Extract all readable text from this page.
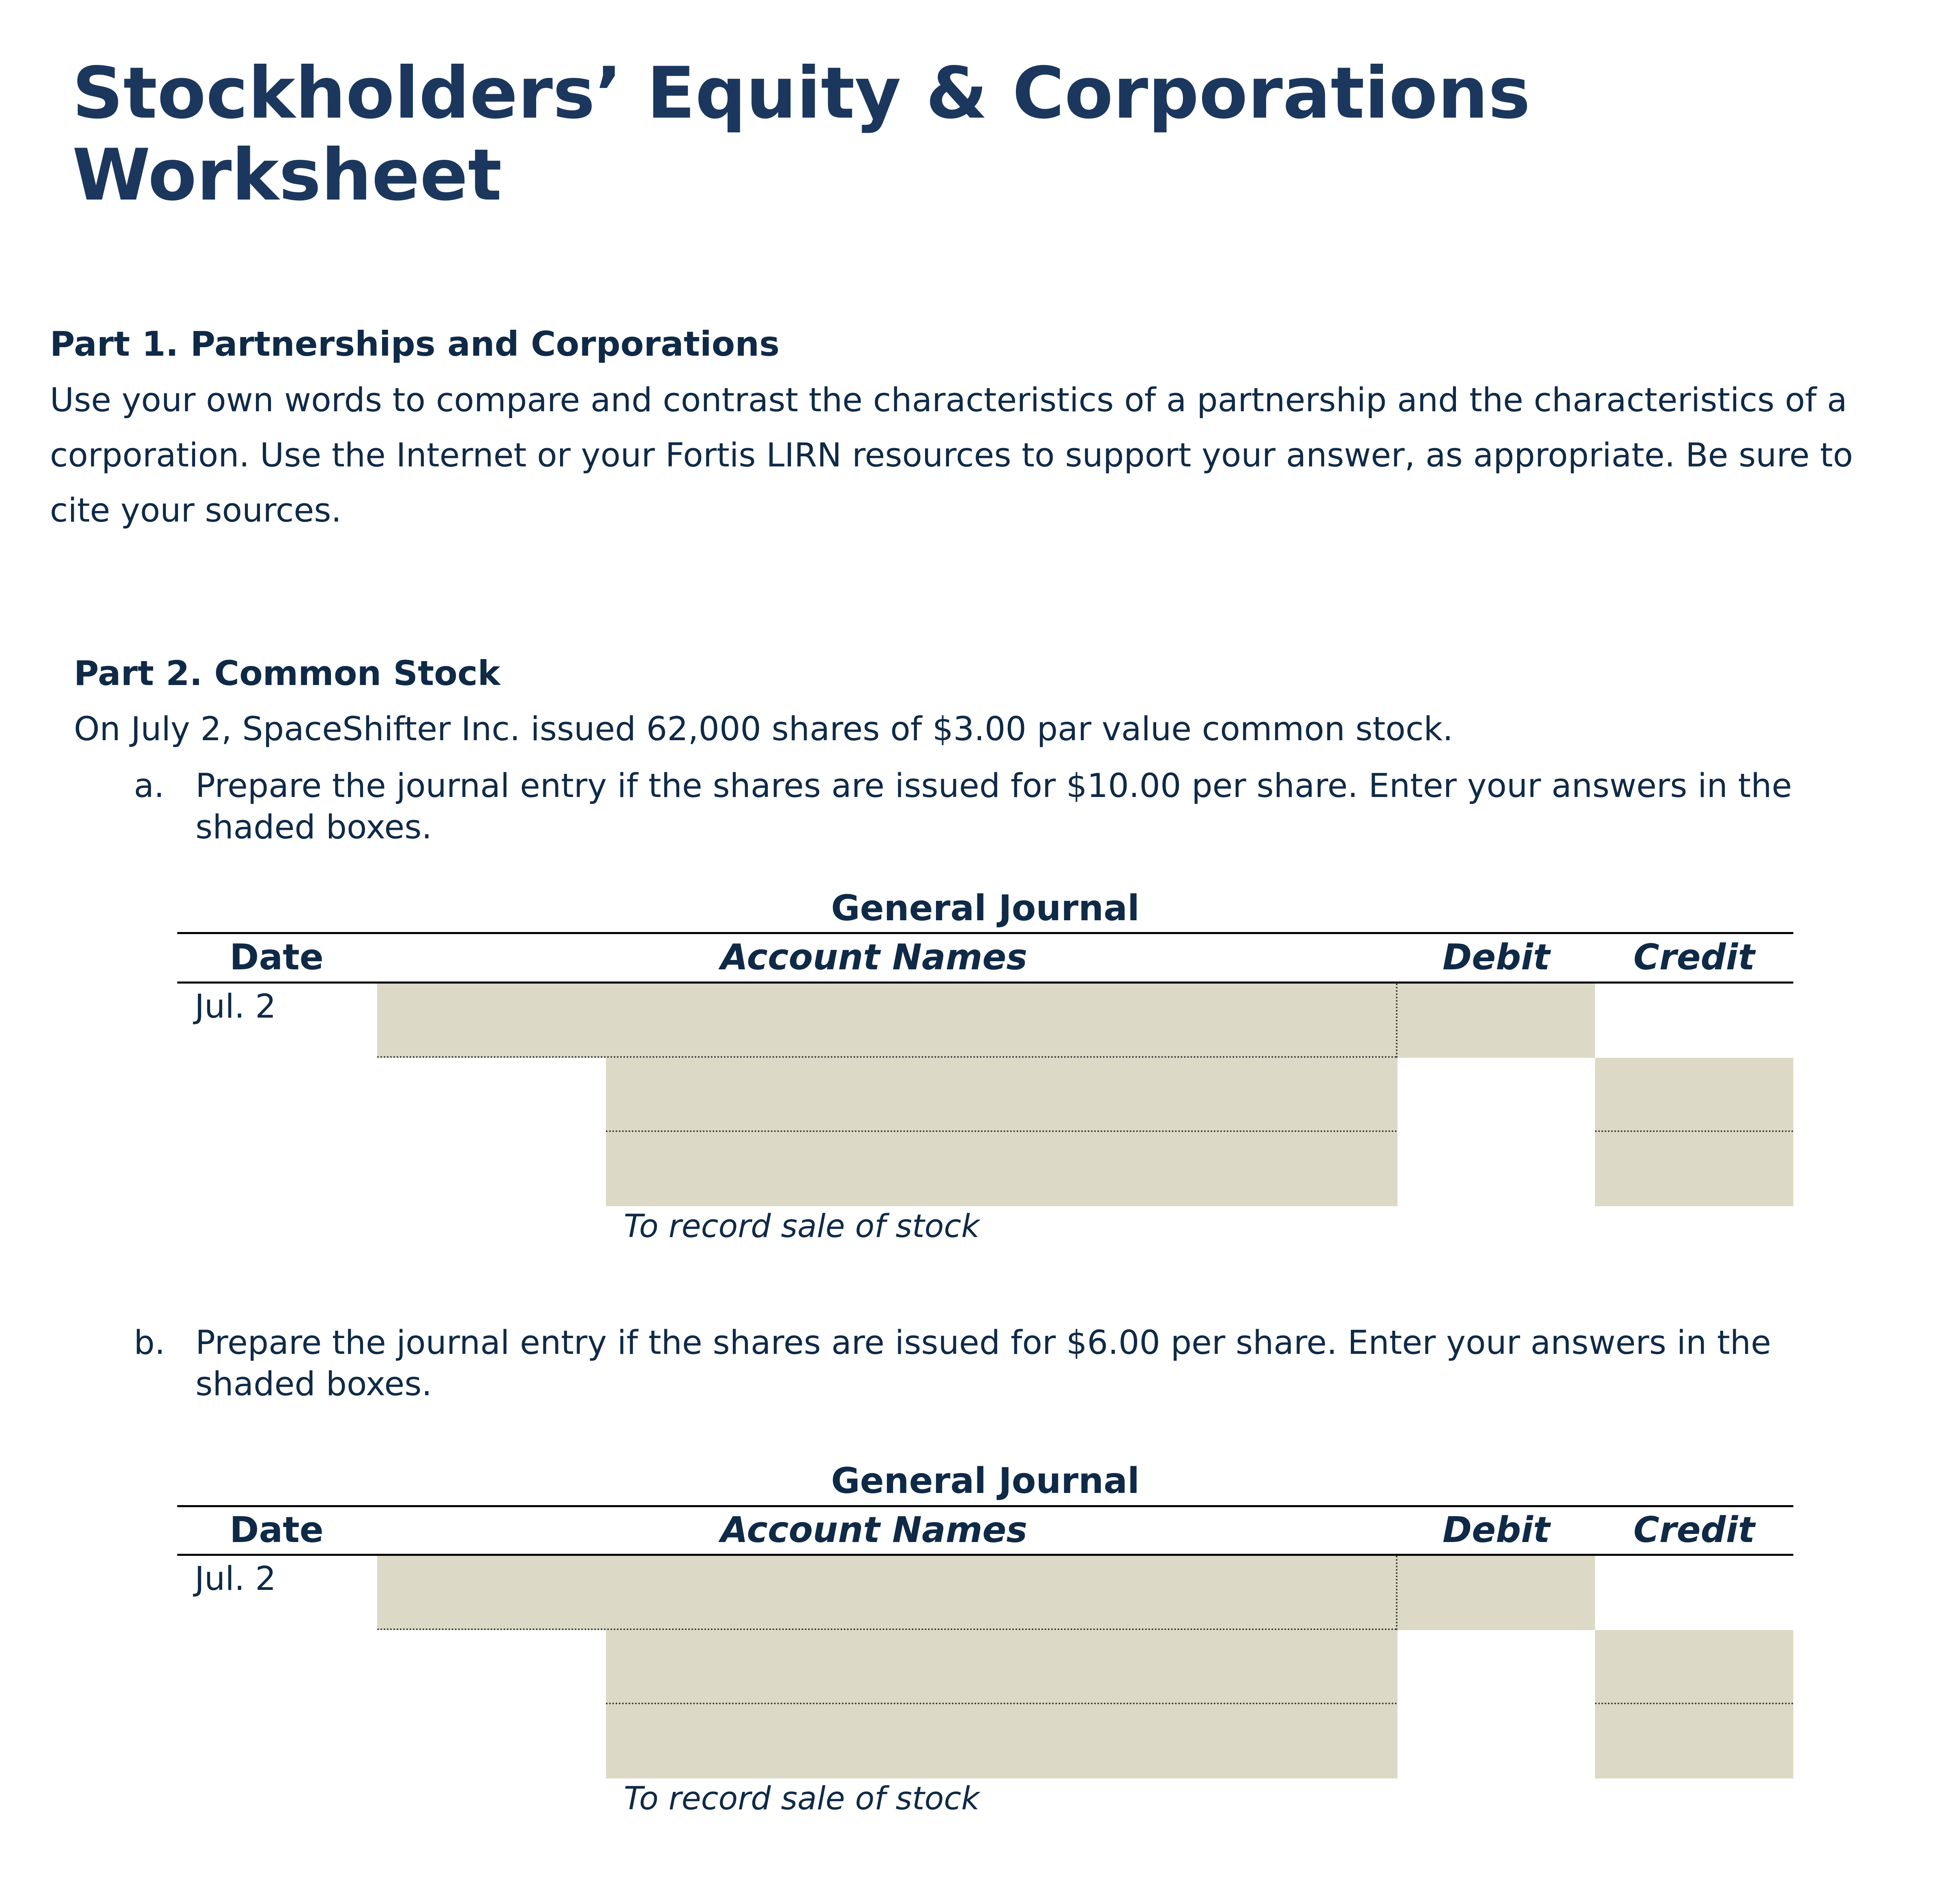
Stockholders’ Equity & Corporations Worksheet
Part 1. Partnerships and Corporations
Use your own words to compare and contrast the characteristics of a partnership and the characteristics of a corporation. Use the Internet or your Fortis LIRN resources to support your answer, as appropriate. Be sure to cite your sources.
Part 2. Common Stock
On July 2, SpaceShifter Inc. issued 62,000 shares of $3.00 par value common stock.
a. Prepare the journal entry if the shares are issued for $10.00 per share. Enter your answers in the shaded boxes.
General Journal
Date	Account Names	Debit	Credit
Jul. 2
To record sale of stock
b. Prepare the journal entry if the shares are issued for $6.00 per share. Enter your answers in the shaded boxes.
General Journal
Date	Account Names	Debit	Credit
Jul. 2
To record sale of stock
